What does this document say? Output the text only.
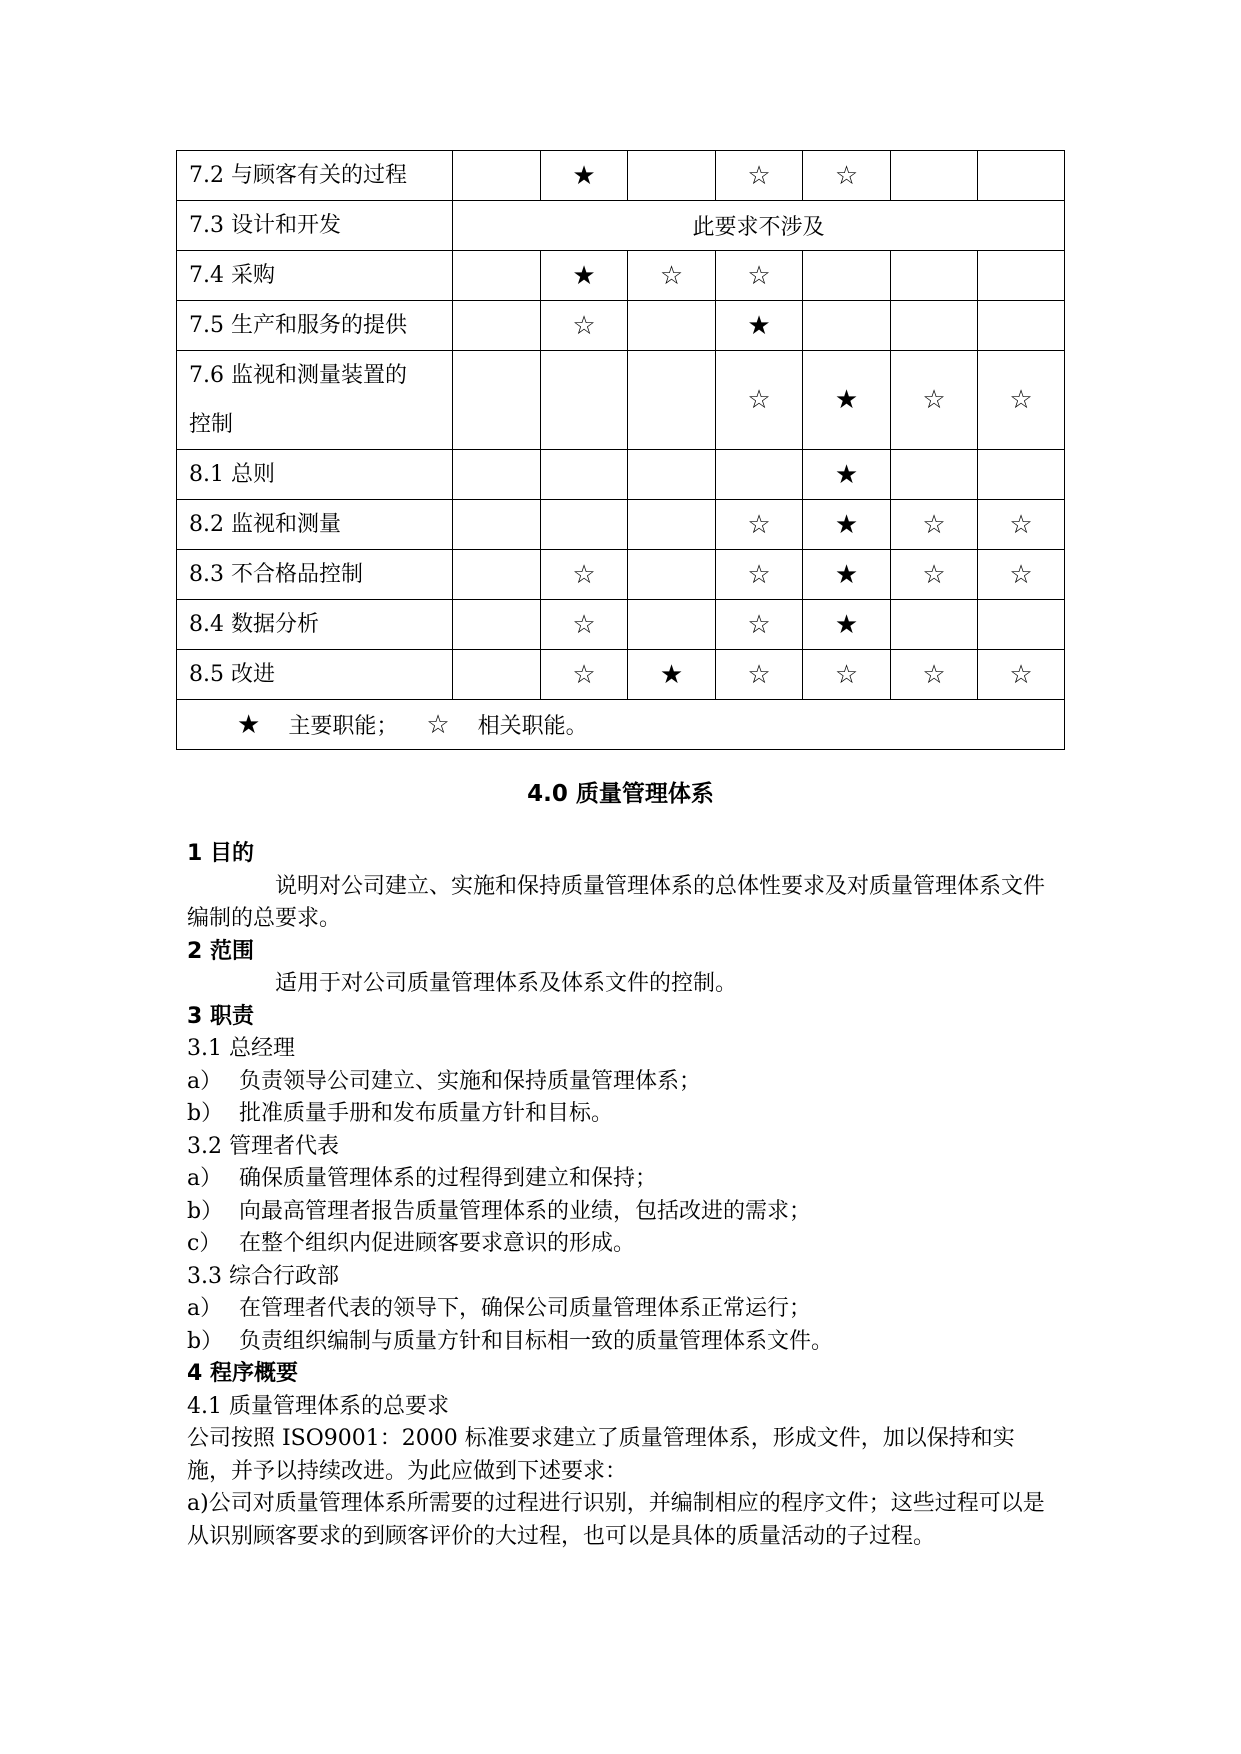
7.2 与顾客有关的过程		★		☆	☆		
7.3 设计和开发	此要求不涉及						
7.4 采购		★	☆	☆			
7.5 生产和服务的提供		☆		★			

7.6 监视和测量装置的
控制				☆	★	☆	☆
8.1 总则					★		
8.2 监视和测量				☆	★	☆	☆
8.3 不合格品控制		☆		☆	★	☆	☆
8.4 数据分析		☆		☆	★		
8.5 改进		☆	★	☆	☆	☆	☆
★ 主要职能； ☆ 相关职能。							
4.0 质量管理体系

1 目的

说明对公司建立、实施和保持质量管理体系的总体性要求及对质量管理体系文件编制的总要求。

2 范围

适用于对公司质量管理体系及体系文件的控制。

3 职责

3.1 总经理

a） 负责领导公司建立、实施和保持质量管理体系；
b） 批准质量手册和发布质量方针和目标。

3.2 管理者代表

a） 确保质量管理体系的过程得到建立和保持；
b） 向最高管理者报告质量管理体系的业绩，包括改进的需求；
c） 在整个组织内促进顾客要求意识的形成。

3.3 综合行政部

a） 在管理者代表的领导下，确保公司质量管理体系正常运行；
b） 负责组织编制与质量方针和目标相一致的质量管理体系文件。

4 程序概要

4.1 质量管理体系的总要求

公司按照 ISO9001：2000 标准要求建立了质量管理体系，形成文件，加以保持和实施，并予以持续改进。为此应做到下述要求：

a)公司对质量管理体系所需要的过程进行识别，并编制相应的程序文件；这些过程可以是从识别顾客要求的到顾客评价的大过程，也可以是具体的质量活动的子过程。
